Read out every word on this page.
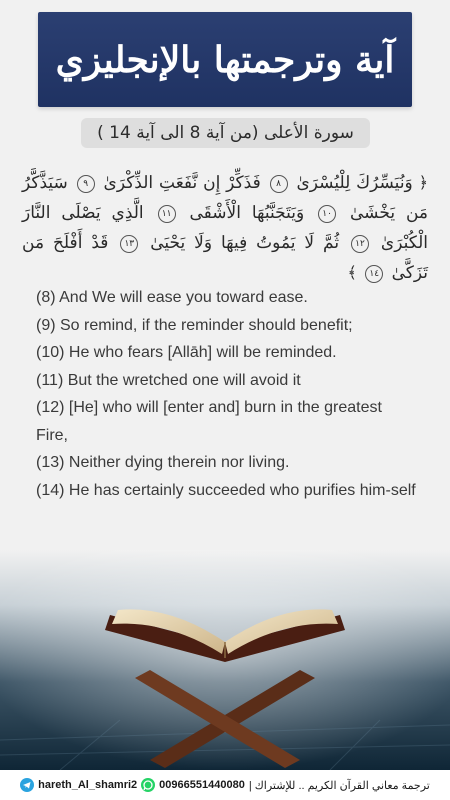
آية وترجمتها بالإنجليزي
سورة الأعلى (من آية 8 الى آية 14 )
﴿ وَنُيَسِّرُكَ لِلْيُسْرَىٰ ٨ فَذَكِّرْ إِن نَّفَعَتِ الذِّكْرَىٰ ٩ سَيَذَّكَّرُ مَن يَخْشَىٰ ١٠ وَيَتَجَنَّبُهَا الْأَشْقَى ١١ الَّذِي يَصْلَى النَّارَ الْكُبْرَىٰ ١٢ ثُمَّ لَا يَمُوتُ فِيهَا وَلَا يَحْيَىٰ ١٣ قَدْ أَفْلَحَ مَن تَزَكَّىٰ ١٤ ﴾

(8) And We will ease you toward ease.

(9) So remind, if the reminder should benefit;

(10) He who fears [Allāh] will be reminded.

(11) But the wretched one will avoid it

(12) [He] who will [enter and] burn in the greatest Fire,

(13) Neither dying therein nor living.

(14) He has certainly succeeded who purifies him-self

hareth_Al_shamri2 00966551440080 ترجمة معاني القرآن الكريم .. للإشتراك |
